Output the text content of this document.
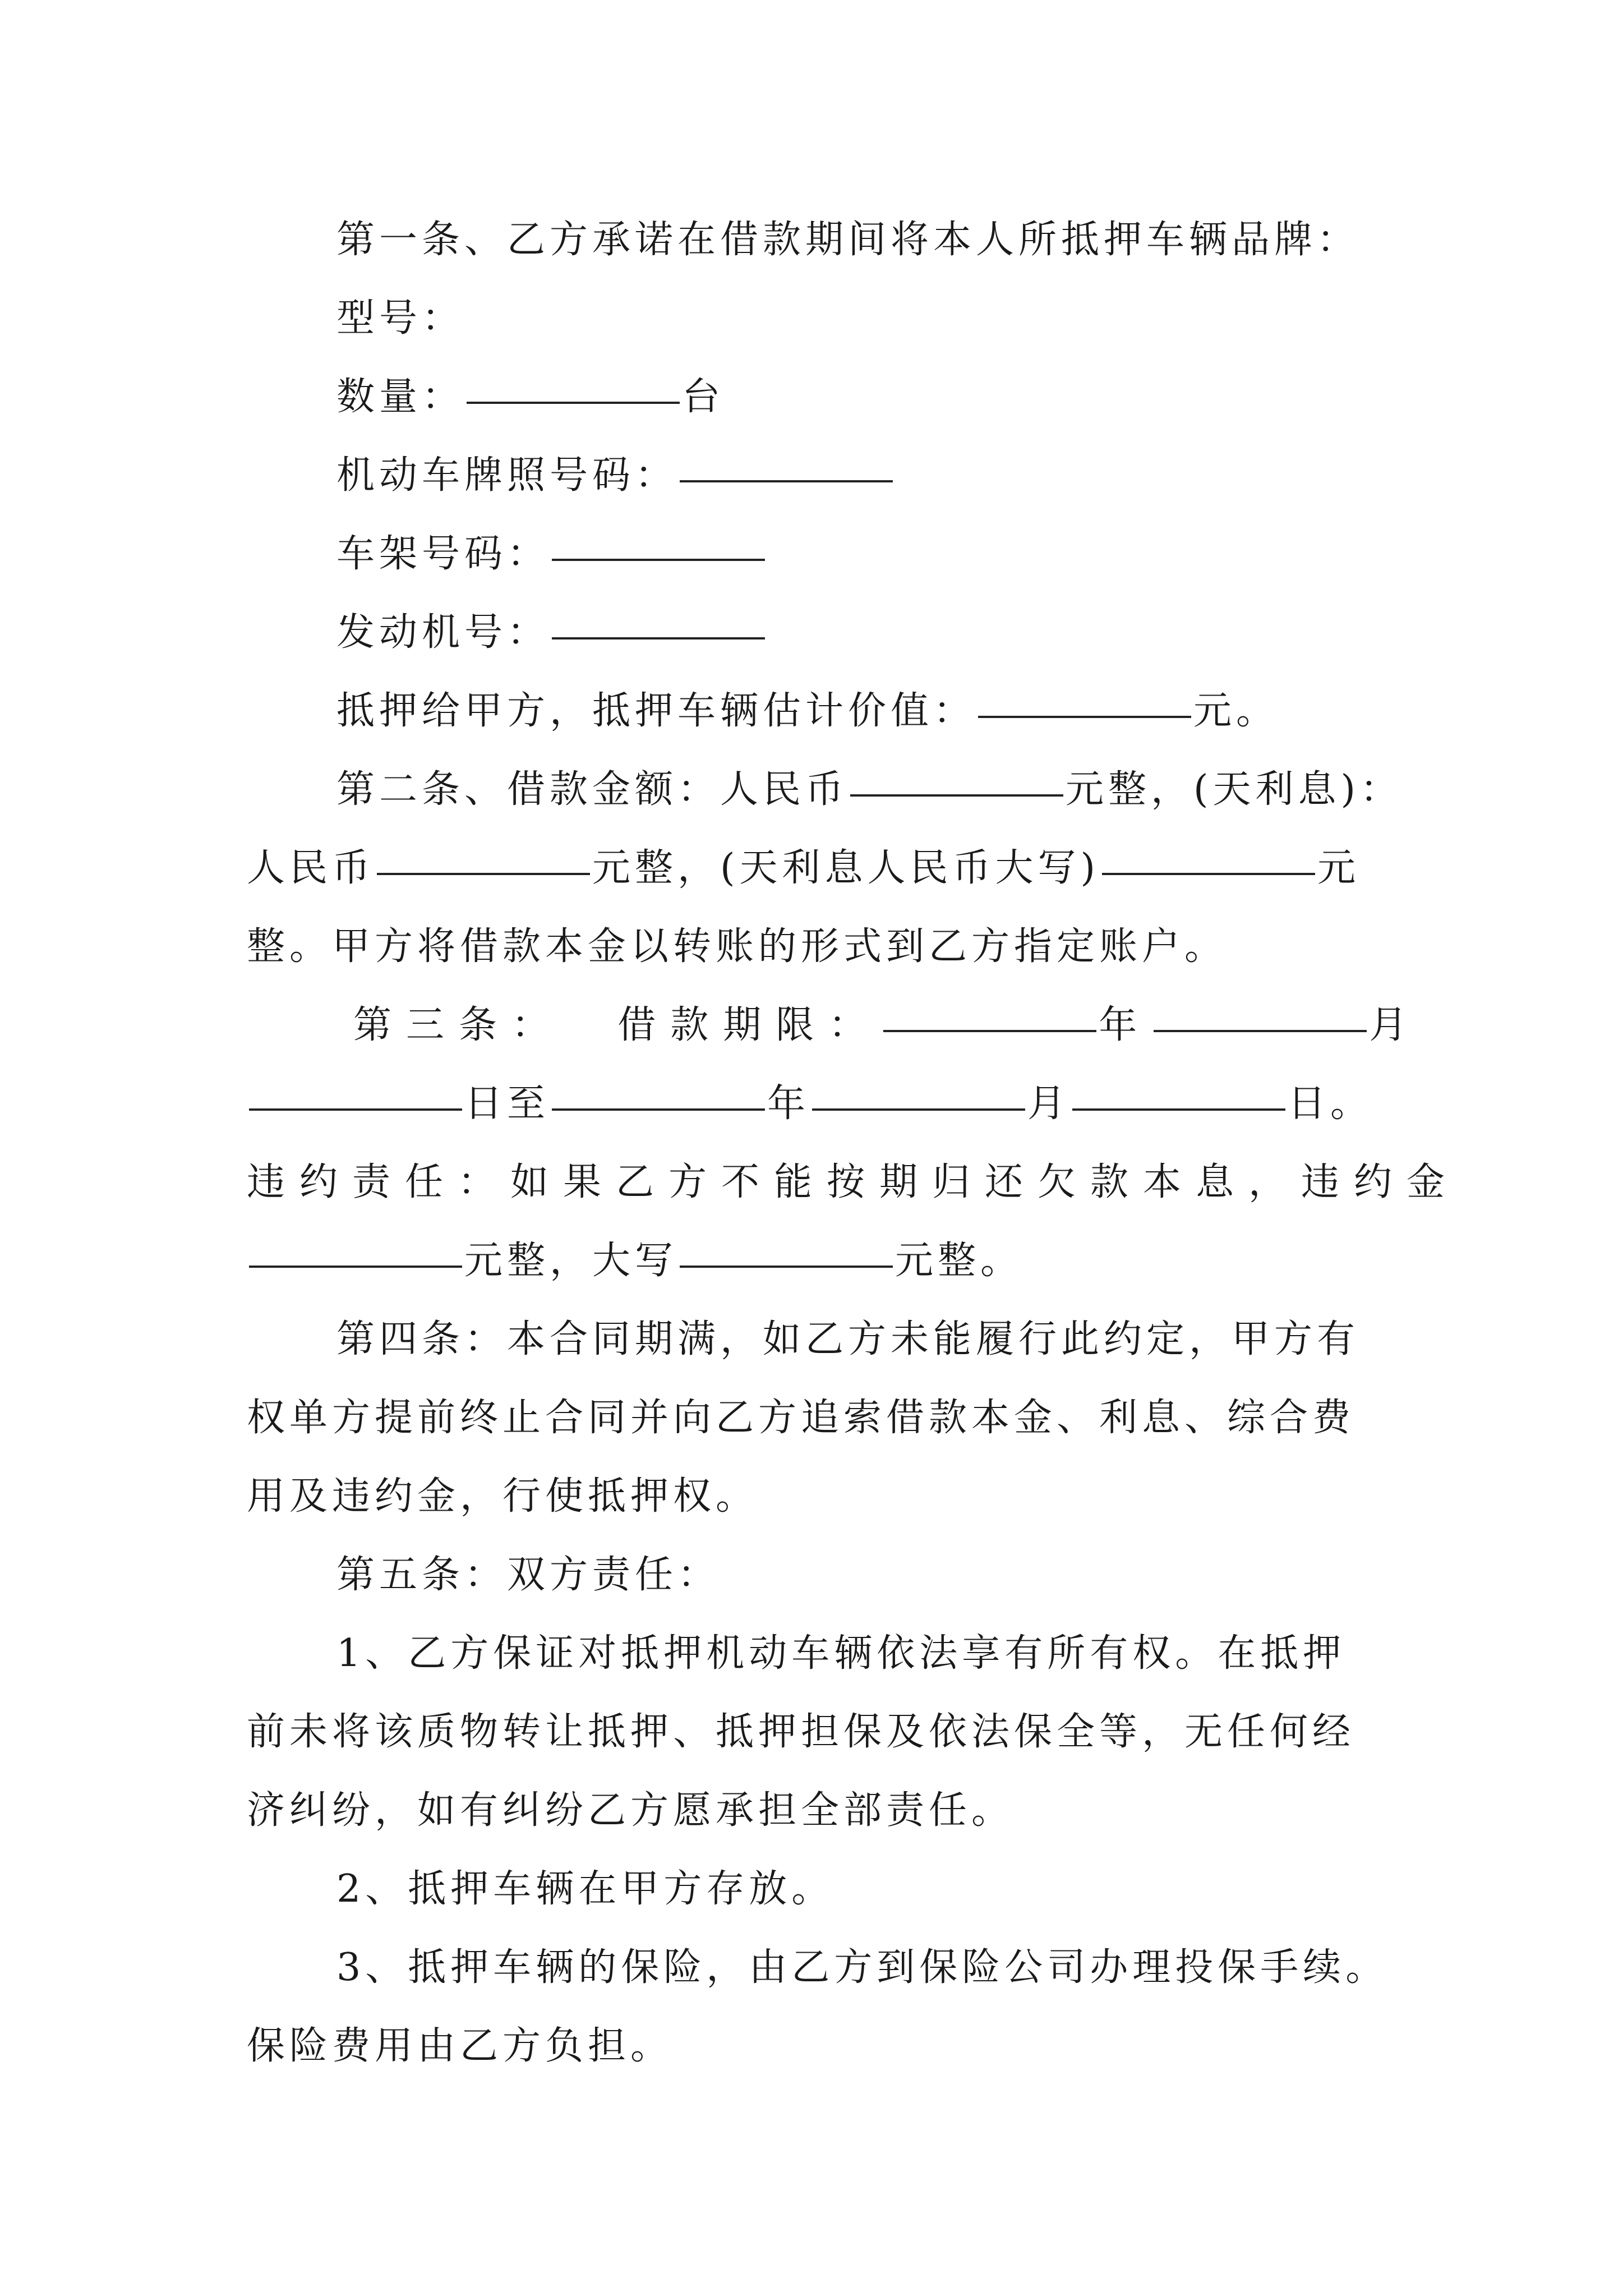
第一条、乙方承诺在借款期间将本人所抵押车辆品牌：
型号：
数量：	台
机动车牌照号码：
车架号码：
发动机号：
抵押给甲方，抵押车辆估计价值：	元。
第二条、借款金额：人民币	元整，(天利息)：
人民币	元整，(天利息人民币大写)	元
整。甲方将借款本金以转账的形式到乙方指定账户。
第三条：  借款期限：	年	月
日至	年	月	日。
违约责任：如果乙方不能按期归还欠款本息，违约金
元整，大写	元整。
第四条：本合同期满，如乙方未能履行此约定，甲方有
权单方提前终止合同并向乙方追索借款本金、利息、综合费
用及违约金，行使抵押权。
第五条：双方责任：
1、乙方保证对抵押机动车辆依法享有所有权。在抵押
前未将该质物转让抵押、抵押担保及依法保全等，无任何经
济纠纷，如有纠纷乙方愿承担全部责任。
2、抵押车辆在甲方存放。
3、抵押车辆的保险，由乙方到保险公司办理投保手续。
保险费用由乙方负担。
